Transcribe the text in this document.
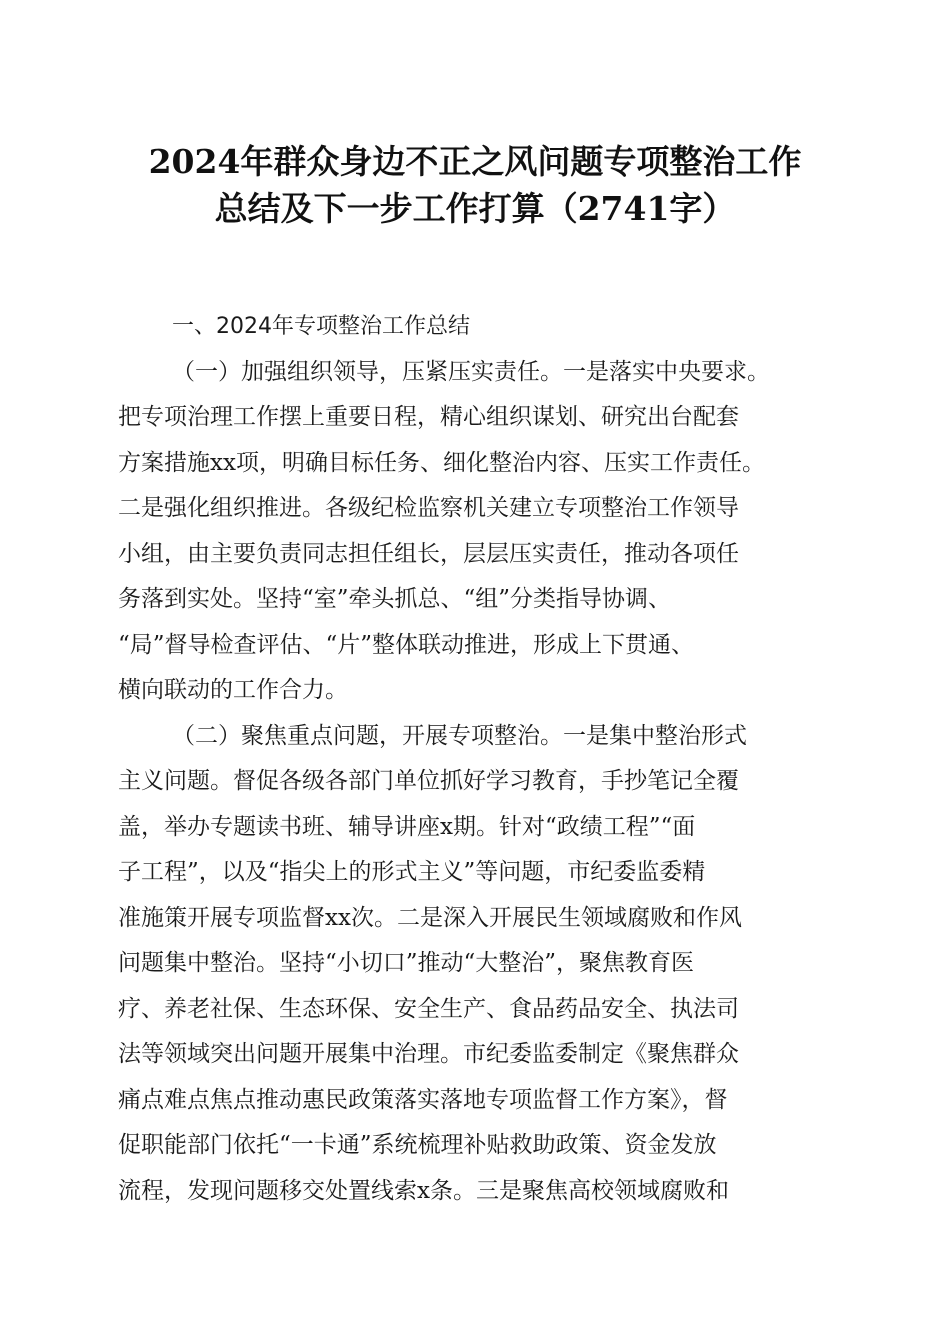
2024年群众身边不正之风问题专项整治工作
总结及下一步工作打算（2741字）
一、2024年专项整治工作总结
（一）加强组织领导，压紧压实责任。一是落实中央要求。
把专项治理工作摆上重要日程，精心组织谋划、研究出台配套
方案措施xx项，明确目标任务、细化整治内容、压实工作责任。
二是强化组织推进。各级纪检监察机关建立专项整治工作领导
小组，由主要负责同志担任组长，层层压实责任，推动各项任
务落到实处。坚持“室”牵头抓总、“组”分类指导协调、
“局”督导检查评估、“片”整体联动推进，形成上下贯通、
横向联动的工作合力。
（二）聚焦重点问题，开展专项整治。一是集中整治形式
主义问题。督促各级各部门单位抓好学习教育，手抄笔记全覆
盖，举办专题读书班、辅导讲座x期。针对“政绩工程”“面
子工程”，以及“指尖上的形式主义”等问题，市纪委监委精
准施策开展专项监督xx次。二是深入开展民生领域腐败和作风
问题集中整治。坚持“小切口”推动“大整治”，聚焦教育医
疗、养老社保、生态环保、安全生产、食品药品安全、执法司
法等领域突出问题开展集中治理。市纪委监委制定《聚焦群众
痛点难点焦点推动惠民政策落实落地专项监督工作方案》，督
促职能部门依托“一卡通”系统梳理补贴救助政策、资金发放
流程，发现问题移交处置线索x条。三是聚焦高校领域腐败和
